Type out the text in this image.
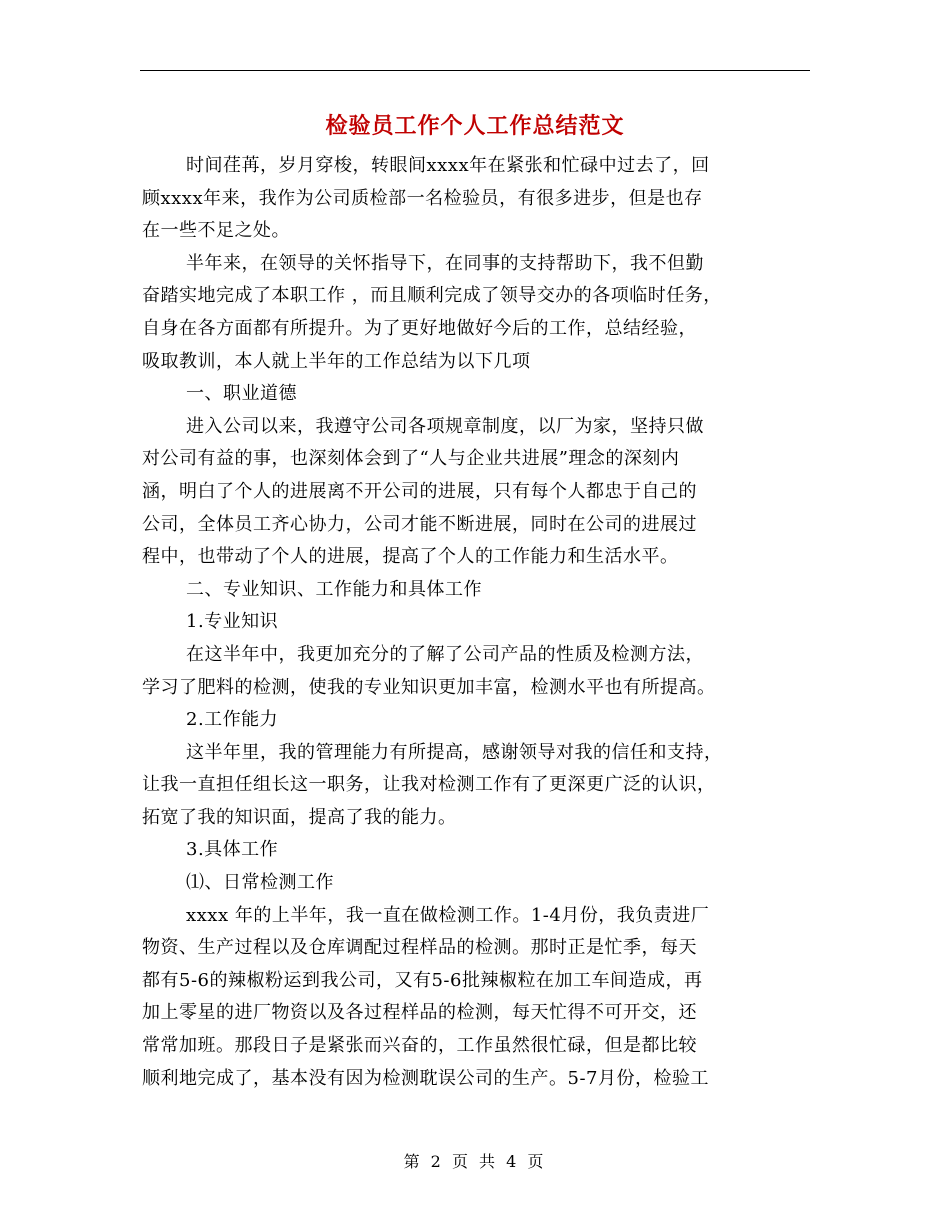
检验员工作个人工作总结范文
时间荏苒，岁月穿梭，转眼间xxxx年在紧张和忙碌中过去了，回
顾xxxx年来，我作为公司质检部一名检验员，有很多进步，但是也存
在一些不足之处。
半年来，在领导的关怀指导下，在同事的支持帮助下，我不但勤
奋踏实地完成了本职工作 ，而且顺利完成了领导交办的各项临时任务，
自身在各方面都有所提升。为了更好地做好今后的工作，总结经验，
吸取教训，本人就上半年的工作总结为以下几项
一、职业道德
进入公司以来，我遵守公司各项规章制度，以厂为家，坚持只做
对公司有益的事，也深刻体会到了“人与企业共进展”理念的深刻内
涵，明白了个人的进展离不开公司的进展，只有每个人都忠于自己的
公司，全体员工齐心协力，公司才能不断进展，同时在公司的进展过
程中，也带动了个人的进展，提高了个人的工作能力和生活水平。
二、专业知识、工作能力和具体工作
1.专业知识
在这半年中，我更加充分的了解了公司产品的性质及检测方法，
学习了肥料的检测，使我的专业知识更加丰富，检测水平也有所提高。
2.工作能力
这半年里，我的管理能力有所提高，感谢领导对我的信任和支持，
让我一直担任组长这一职务，让我对检测工作有了更深更广泛的认识，
拓宽了我的知识面，提高了我的能力。
3.具体工作
⑴、日常检测工作
xxxx 年的上半年，我一直在做检测工作。1-4月份，我负责进厂
物资、生产过程以及仓库调配过程样品的检测。那时正是忙季，每天
都有5-6的辣椒粉运到我公司，又有5-6批辣椒粒在加工车间造成，再
加上零星的进厂物资以及各过程样品的检测，每天忙得不可开交，还
常常加班。那段日子是紧张而兴奋的，工作虽然很忙碌，但是都比较
顺利地完成了，基本没有因为检测耽误公司的生产。5-7月份，检验工
第 2 页 共 4 页
